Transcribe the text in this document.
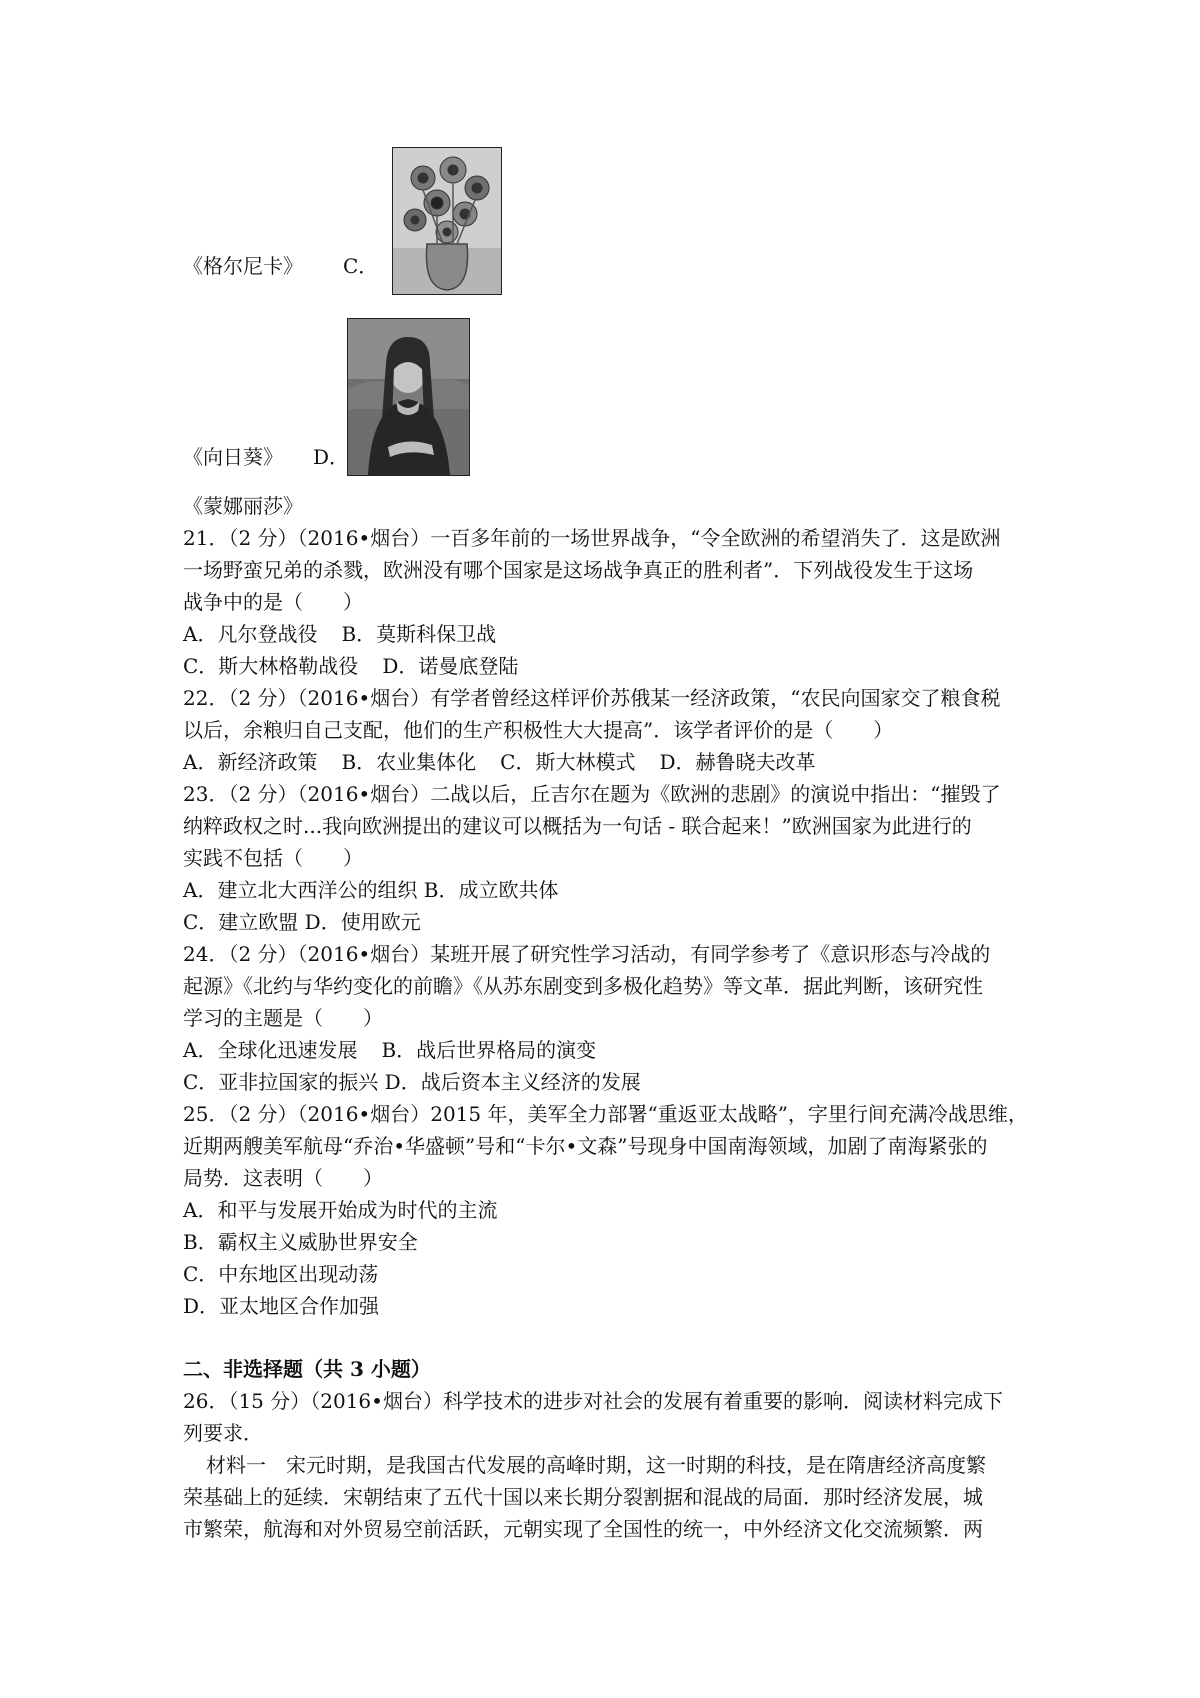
《格尔尼卡》 C．
《向日葵》 D．
《蒙娜丽莎》
21．（2 分）（2016•烟台）一百多年前的一场世界战争，“令全欧洲的希望消失了．这是欧洲
一场野蛮兄弟的杀戮，欧洲没有哪个国家是这场战争真正的胜利者”．下列战役发生于这场
战争中的是（　　）
A．凡尔登战役 B．莫斯科保卫战
C．斯大林格勒战役 D．诺曼底登陆
22．（2 分）（2016•烟台）有学者曾经这样评价苏俄某一经济政策，“农民向国家交了粮食税
以后，余粮归自己支配，他们的生产积极性大大提高”．该学者评价的是（　　）
A．新经济政策 B．农业集体化 C．斯大林模式 D．赫鲁晓夫改革
23．（2 分）（2016•烟台）二战以后，丘吉尔在题为《欧洲的悲剧》的演说中指出：“摧毁了
纳粹政权之时...我向欧洲提出的建议可以概括为一句话 - 联合起来！”欧洲国家为此进行的
实践不包括（　　）
A．建立北大西洋公的组织 B．成立欧共体
C．建立欧盟 D．使用欧元
24．（2 分）（2016•烟台）某班开展了研究性学习活动，有同学参考了《意识形态与冷战的
起源》《北约与华约变化的前瞻》《从苏东剧变到多极化趋势》等文革．据此判断，该研究性
学习的主题是（　　）
A．全球化迅速发展 B．战后世界格局的演变
C．亚非拉国家的振兴 D．战后资本主义经济的发展
25．（2 分）（2016•烟台）2015 年，美军全力部署“重返亚太战略”，字里行间充满冷战思维，
近期两艘美军航母“乔治•华盛顿”号和“卡尔•文森”号现身中国南海领域，加剧了南海紧张的
局势．这表明（　　）
A．和平与发展开始成为时代的主流
B．霸权主义威胁世界安全
C．中东地区出现动荡
D．亚太地区合作加强
二、非选择题（共 3 小题）
26．（15 分）（2016•烟台）科学技术的进步对社会的发展有着重要的影响．阅读材料完成下
列要求．
材料一　宋元时期，是我国古代发展的高峰时期，这一时期的科技，是在隋唐经济高度繁
荣基础上的延续．宋朝结束了五代十国以来长期分裂割据和混战的局面．那时经济发展，城
市繁荣，航海和对外贸易空前活跃，元朝实现了全国性的统一，中外经济文化交流频繁．两
